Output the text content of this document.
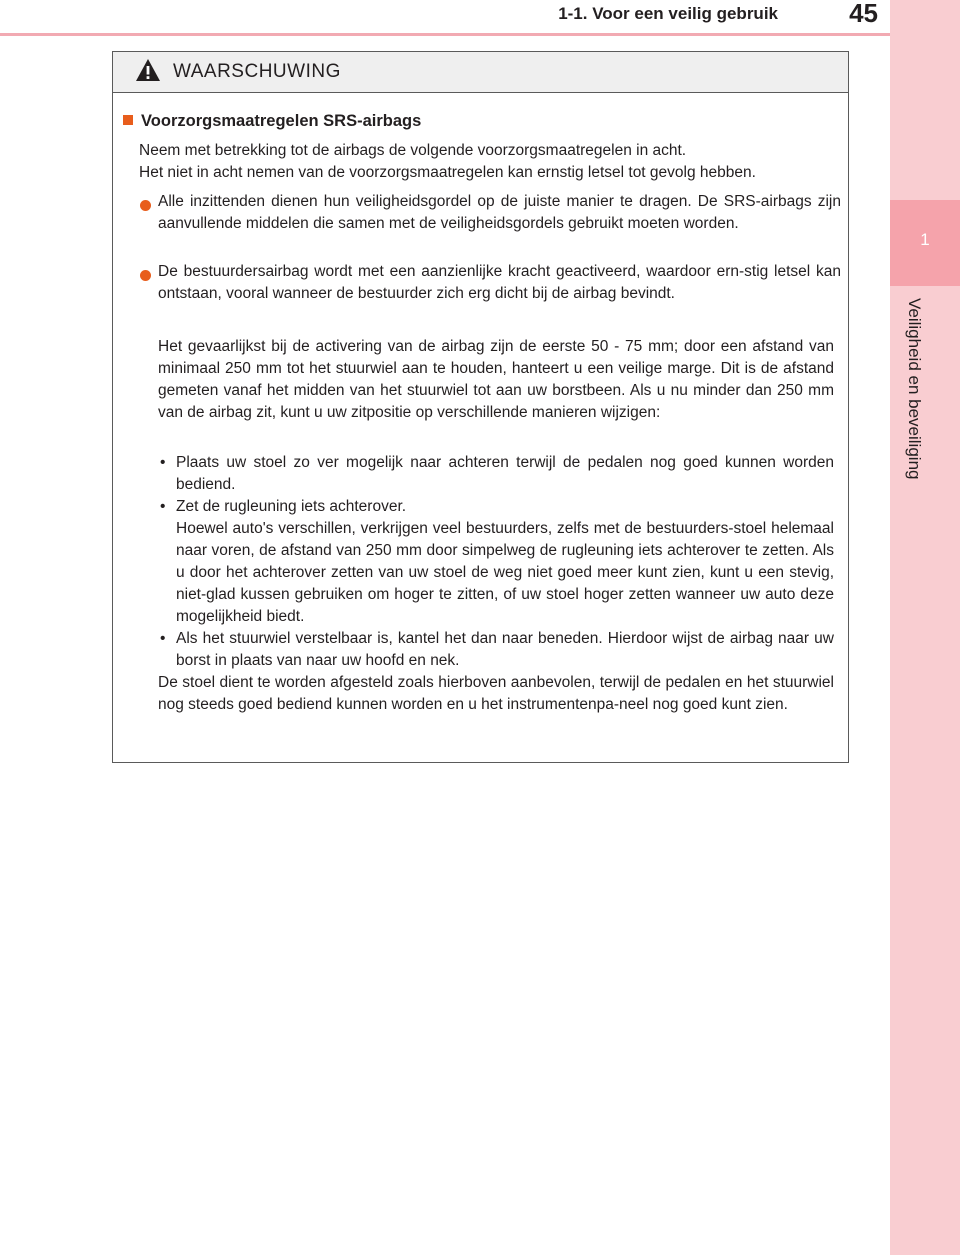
1-1. Voor een veilig gebruik	45
1
Veiligheid en beveiliging
WAARSCHUWING
Voorzorgsmaatregelen SRS-airbags
Neem met betrekking tot de airbags de volgende voorzorgsmaatregelen in acht.
Het niet in acht nemen van de voorzorgsmaatregelen kan ernstig letsel tot gevolg hebben.
Alle inzittenden dienen hun veiligheidsgordel op de juiste manier te dragen. De SRS-airbags zijn aanvullende middelen die samen met de veiligheidsgordels gebruikt moeten worden.
De bestuurdersairbag wordt met een aanzienlijke kracht geactiveerd, waardoor ern-stig letsel kan ontstaan, vooral wanneer de bestuurder zich erg dicht bij de airbag bevindt.
Het gevaarlijkst bij de activering van de airbag zijn de eerste 50 - 75 mm; door een afstand van minimaal 250 mm tot het stuurwiel aan te houden, hanteert u een veilige marge. Dit is de afstand gemeten vanaf het midden van het stuurwiel tot aan uw borstbeen. Als u nu minder dan 250 mm van de airbag zit, kunt u uw zitpositie op verschillende manieren wijzigen:
• Plaats uw stoel zo ver mogelijk naar achteren terwijl de pedalen nog goed kunnen worden bediend.
• Zet de rugleuning iets achterover.
Hoewel auto's verschillen, verkrijgen veel bestuurders, zelfs met de bestuurders-stoel helemaal naar voren, de afstand van 250 mm door simpelweg de rugleuning iets achterover te zetten. Als u door het achterover zetten van uw stoel de weg niet goed meer kunt zien, kunt u een stevig, niet-glad kussen gebruiken om hoger te zitten, of uw stoel hoger zetten wanneer uw auto deze mogelijkheid biedt.
• Als het stuurwiel verstelbaar is, kantel het dan naar beneden. Hierdoor wijst de airbag naar uw borst in plaats van naar uw hoofd en nek.
De stoel dient te worden afgesteld zoals hierboven aanbevolen, terwijl de pedalen en het stuurwiel nog steeds goed bediend kunnen worden en u het instrumentenpa-neel nog goed kunt zien.
